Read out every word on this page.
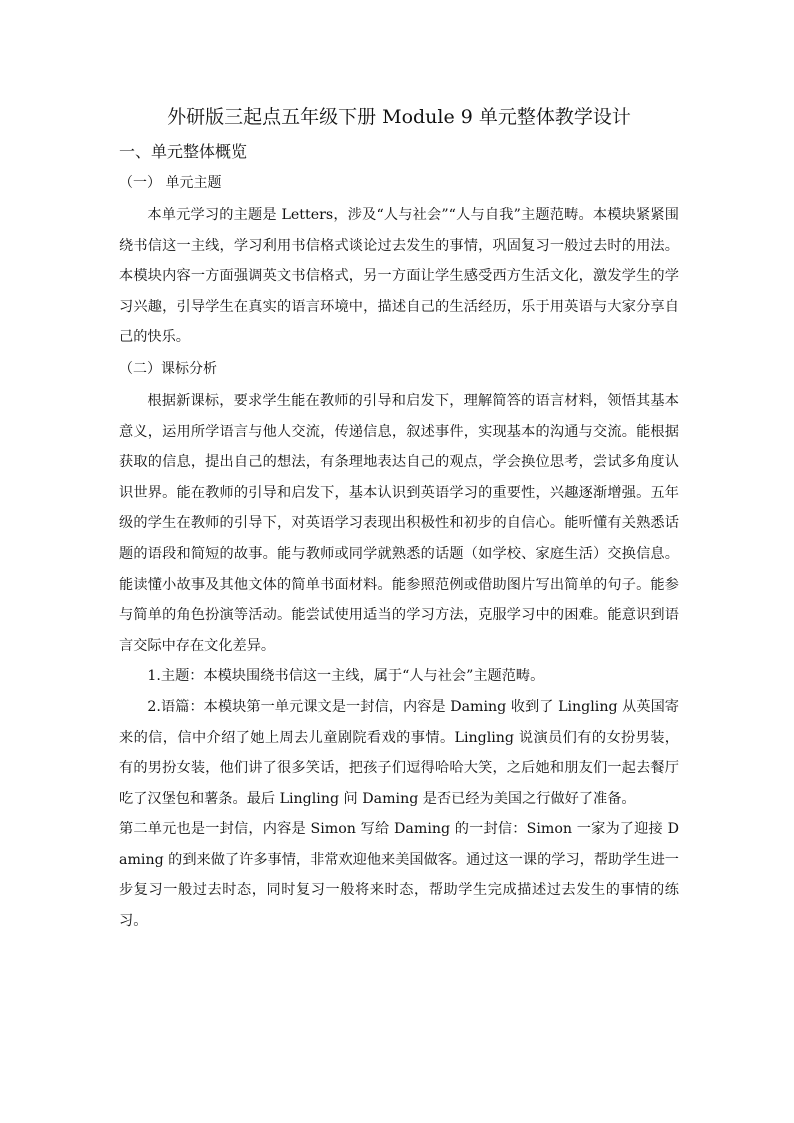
外研版三起点五年级下册 Module 9 单元整体教学设计
一、单元整体概览
（一） 单元主题

本单元学习的主题是 Letters，涉及“人与社会”“人与自我”主题范畴。本模块紧紧围绕书信这一主线，学习利用书信格式谈论过去发生的事情，巩固复习一般过去时的用法。本模块内容一方面强调英文书信格式，另一方面让学生感受西方生活文化，激发学生的学习兴趣，引导学生在真实的语言环境中，描述自己的生活经历，乐于用英语与大家分享自己的快乐。

（二）课标分析

根据新课标，要求学生能在教师的引导和启发下，理解简答的语言材料，领悟其基本意义，运用所学语言与他人交流，传递信息，叙述事件，实现基本的沟通与交流。能根据获取的信息，提出自己的想法，有条理地表达自己的观点，学会换位思考，尝试多角度认识世界。能在教师的引导和启发下，基本认识到英语学习的重要性，兴趣逐渐增强。五年级的学生在教师的引导下，对英语学习表现出积极性和初步的自信心。能听懂有关熟悉话题的语段和简短的故事。能与教师或同学就熟悉的话题（如学校、家庭生活）交换信息。能读懂小故事及其他文体的简单书面材料。能参照范例或借助图片写出简单的句子。能参与简单的角色扮演等活动。能尝试使用适当的学习方法，克服学习中的困难。能意识到语言交际中存在文化差异。

1.主题：本模块围绕书信这一主线，属于“人与社会”主题范畴。

2.语篇：本模块第一单元课文是一封信，内容是 Daming 收到了 Lingling 从英国寄来的信，信中介绍了她上周去儿童剧院看戏的事情。Lingling 说演员们有的女扮男装，有的男扮女装，他们讲了很多笑话，把孩子们逗得哈哈大笑，之后她和朋友们一起去餐厅吃了汉堡包和薯条。最后 Lingling 问 Daming 是否已经为美国之行做好了准备。

第二单元也是一封信，内容是 Simon 写给 Daming 的一封信：Simon 一家为了迎接 Daming 的到来做了许多事情，非常欢迎他来美国做客。通过这一课的学习，帮助学生进一步复习一般过去时态，同时复习一般将来时态，帮助学生完成描述过去发生的事情的练习。
